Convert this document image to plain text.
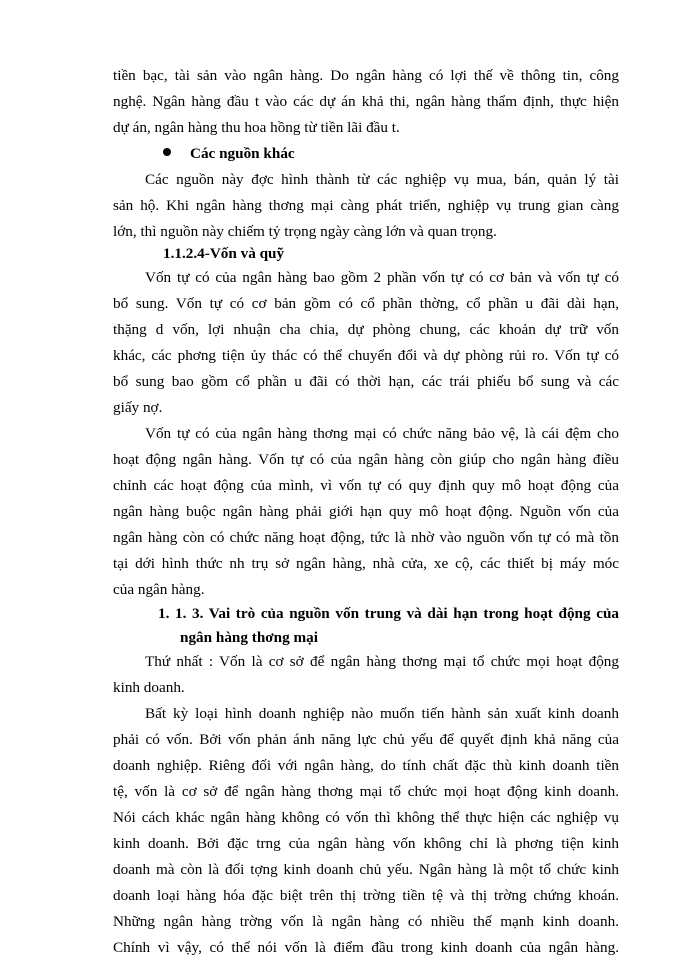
tiền bạc, tài sản vào ngân hàng. Do ngân hàng có lợi thế về thông tin, công
nghệ. Ngân hàng đầu t vào các dự án khả thi, ngân hàng thẩm định, thực hiện
dự án, ngân hàng thu hoa hồng từ tiền lãi đầu t.
Các nguồn khác
Các nguồn này đợc hình thành từ các nghiệp vụ mua, bán, quản lý tài
sản hộ. Khi ngân hàng thơng mại càng phát triển, nghiệp vụ trung gian càng
lớn, thì nguồn này chiếm tỷ trọng ngày càng lớn và quan trọng.
1.1.2.4-Vốn và quỹ
Vốn tự có của ngân hàng bao gồm 2 phần vốn tự có cơ bản và vốn tự có
bổ sung. Vốn tự có cơ bản gồm có cổ phần thờng, cổ phần u đãi dài hạn,
thặng d vốn, lợi nhuận cha chia, dự phòng chung, các khoản dự trữ vốn
khác, các phơng tiện ủy thác có thể chuyển đổi và dự phòng rủi ro. Vốn tự có
bổ sung bao gồm cổ phần u đãi có thời hạn, các trái phiếu bổ sung và các
giấy nợ.
Vốn tự có của ngân hàng thơng mại có chức năng bảo vệ, là cái đệm cho
hoạt động ngân hàng. Vốn tự có của ngân hàng còn giúp cho ngân hàng điều
chỉnh các hoạt động của mình, vì vốn tự có quy định quy mô hoạt động của
ngân hàng buộc ngân hàng phải giới hạn quy mô hoạt động. Nguồn vốn của
ngân hàng còn có chức năng hoạt động, tức là nhờ vào nguồn vốn tự có mà tồn
tại dới hình thức nh trụ sở ngân hàng, nhà cửa, xe cộ, các thiết bị máy móc
của ngân hàng.
1. 1. 3. Vai trò của nguồn vốn trung và dài hạn trong hoạt động của
ngân hàng thơng mại
Thứ nhất : Vốn là cơ sở để ngân hàng thơng mại tổ chức mọi hoạt động
kinh doanh.
Bất kỳ loại hình doanh nghiệp nào muốn tiến hành sản xuất kinh doanh
phải có vốn. Bởi vốn phản ánh năng lực chủ yếu để quyết định khả năng của
doanh nghiệp. Riêng đối với ngân hàng, do tính chất đặc thù kinh doanh tiền
tệ, vốn là cơ sở để ngân hàng thơng mại tổ chức mọi hoạt động kinh doanh.
Nói cách khác ngân hàng không có vốn thì không thể thực hiện các nghiệp vụ
kinh doanh. Bởi đặc trng của ngân hàng vốn không chỉ là phơng tiện kinh
doanh mà còn là đối tợng kinh doanh chủ yếu. Ngân hàng là một tổ chức kinh
doanh loại hàng hóa đặc biệt trên thị trờng tiền tệ và thị trờng chứng khoán.
Những ngân hàng trờng vốn là ngân hàng có nhiều thế mạnh kinh doanh.
Chính vì vậy, có thể nói vốn là điểm đầu trong kinh doanh của ngân hàng.
